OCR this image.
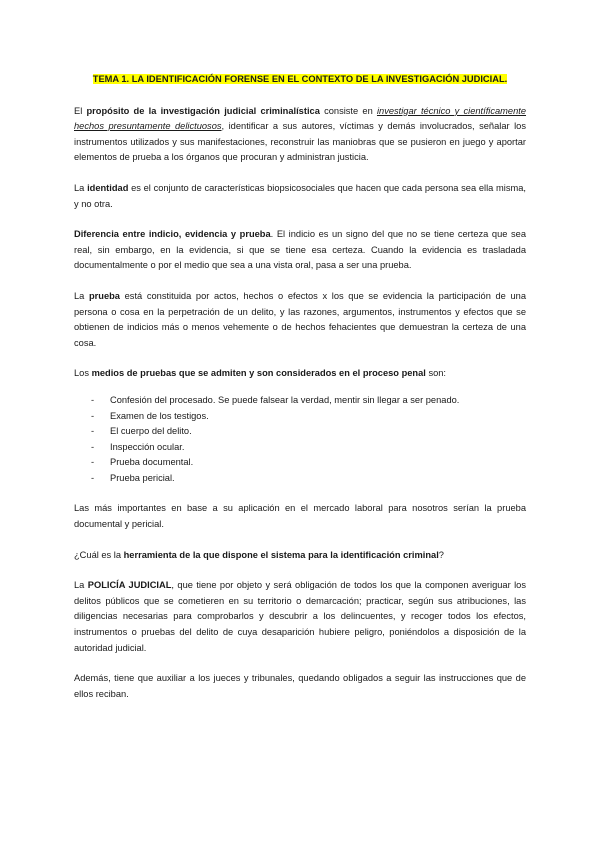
TEMA 1. LA IDENTIFICACIÓN FORENSE EN EL CONTEXTO DE LA INVESTIGACIÓN JUDICIAL.

El propósito de la investigación judicial criminalística consiste en investigar técnico y científicamente hechos presuntamente delictuosos, identificar a sus autores, víctimas y demás involucrados, señalar los instrumentos utilizados y sus manifestaciones, reconstruir las maniobras que se pusieron en juego y aportar elementos de prueba a los órganos que procuran y administran justicia.

La identidad es el conjunto de características biopsicosociales que hacen que cada persona sea ella misma, y no otra.

Diferencia entre indicio, evidencia y prueba. El indicio es un signo del que no se tiene certeza que sea real, sin embargo, en la evidencia, si que se tiene esa certeza. Cuando la evidencia es trasladada documentalmente o por el medio que sea a una vista oral, pasa a ser una prueba.

La prueba está constituida por actos, hechos o efectos x los que se evidencia la participación de una persona o cosa en la perpetración de un delito, y las razones, argumentos, instrumentos y efectos que se obtienen de indicios más o menos vehemente o de hechos fehacientes que demuestran la certeza de una cosa.

Los medios de pruebas que se admiten y son considerados en el proceso penal son:

- Confesión del procesado. Se puede falsear la verdad, mentir sin llegar a ser penado.
- Examen de los testigos.
- El cuerpo del delito.
- Inspección ocular.
- Prueba documental.
- Prueba pericial.

Las más importantes en base a su aplicación en el mercado laboral para nosotros serían la prueba documental y pericial.

¿Cuál es la herramienta de la que dispone el sistema para la identificación criminal?

La POLICÍA JUDICIAL, que tiene por objeto y será obligación de todos los que la componen averiguar los delitos públicos que se cometieren en su territorio o demarcación; practicar, según sus atribuciones, las diligencias necesarias para comprobarlos y descubrir a los delincuentes, y recoger todos los efectos, instrumentos o pruebas del delito de cuya desaparición hubiere peligro, poniéndolos a disposición de la autoridad judicial.

Además, tiene que auxiliar a los jueces y tribunales, quedando obligados a seguir las instrucciones que de ellos reciban.
